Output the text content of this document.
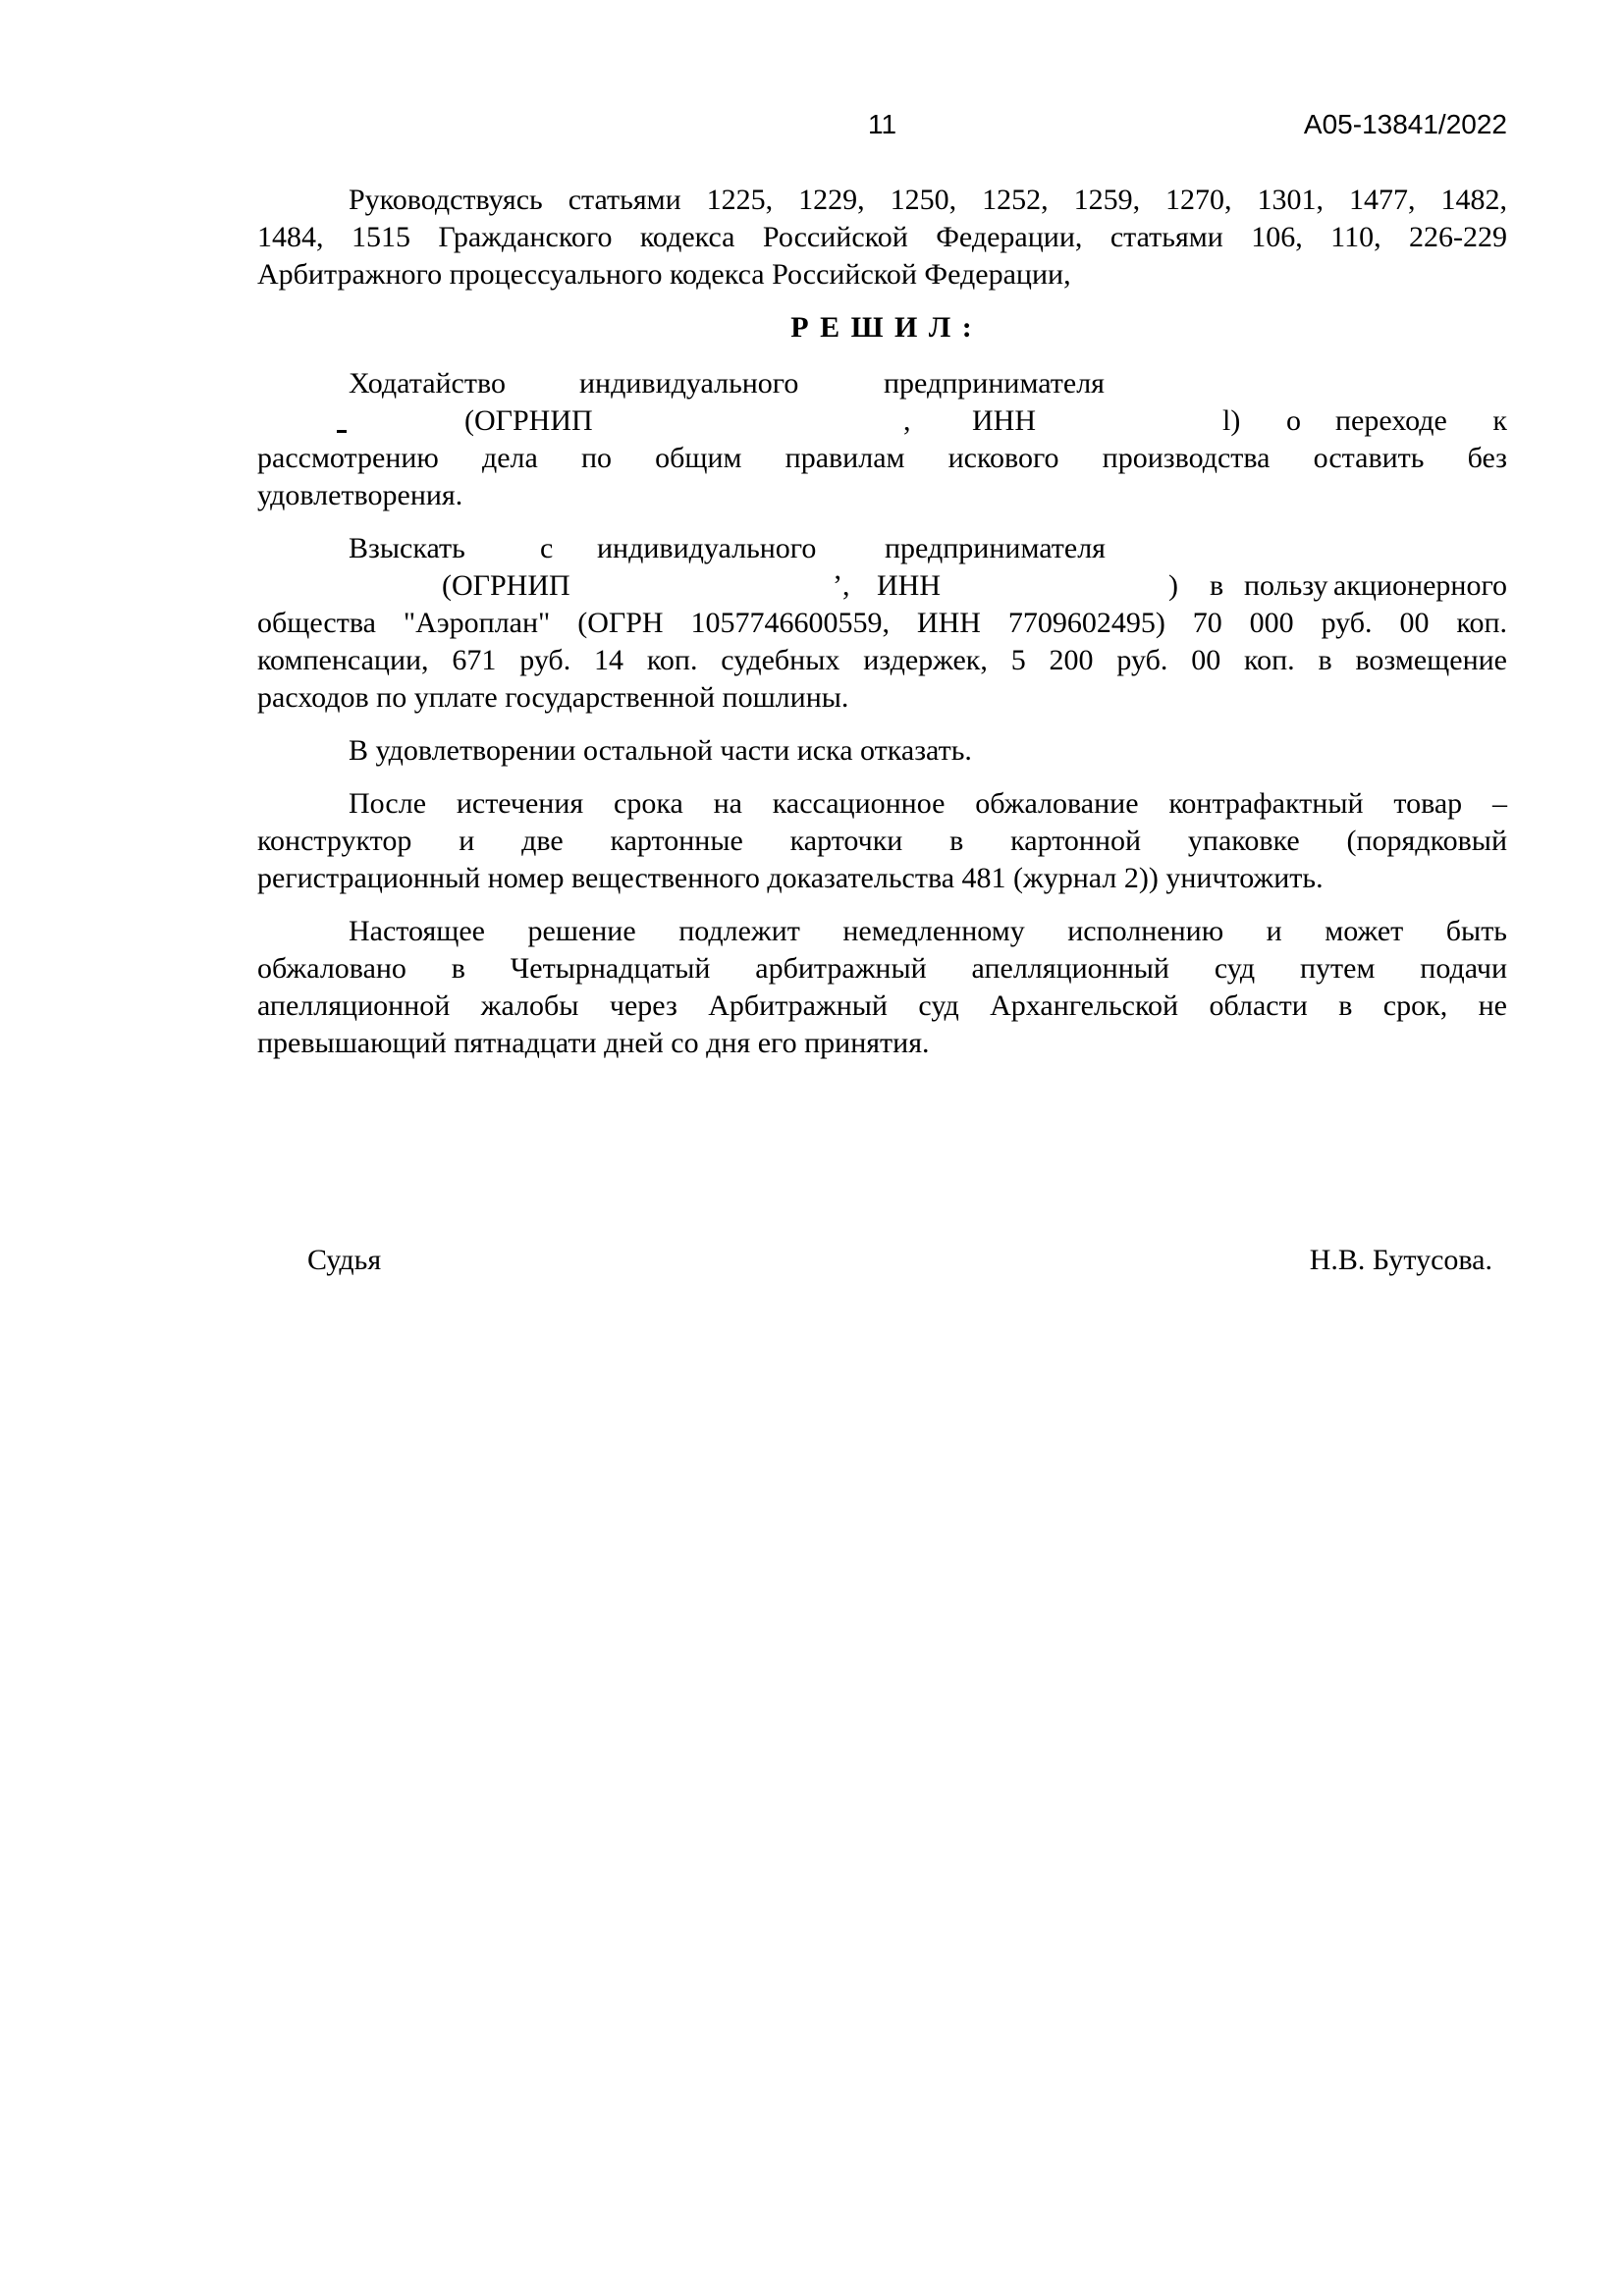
11	А05-13841/2022
Руководствуясь статьями 1225, 1229, 1250, 1252, 1259, 1270, 1301, 1477, 1482,
1484, 1515 Гражданского кодекса Российской Федерации, статьями 106, 110, 226-229
Арбитражного процессуального кодекса Российской Федерации,
Р Е Ш И Л :
Ходатайство	индивидуального	предпринимателя
(ОГРНИП	, ИНН	l) о переходе к
рассмотрению дела по общим правилам искового производства оставить без
удовлетворения.
Взыскать	с индивидуального предпринимателя
(ОГРНИП	’, ИНН	) в пользу акционерного
общества "Аэроплан" (ОГРН 1057746600559, ИНН 7709602495) 70 000 руб. 00 коп.
компенсации, 671 руб. 14 коп. судебных издержек, 5 200 руб. 00 коп. в возмещение
расходов по уплате государственной пошлины.
В удовлетворении остальной части иска отказать.
После истечения срока на кассационное обжалование контрафактный товар –
конструктор и две картонные карточки в картонной упаковке (порядковый
регистрационный номер вещественного доказательства 481 (журнал 2)) уничтожить.
Настоящее решение подлежит немедленному исполнению и может быть
обжаловано в Четырнадцатый арбитражный апелляционный суд путем подачи
апелляционной жалобы через Арбитражный суд Архангельской области в срок, не
превышающий пятнадцати дней со дня его принятия.
Судья	Н.В. Бутусова.
